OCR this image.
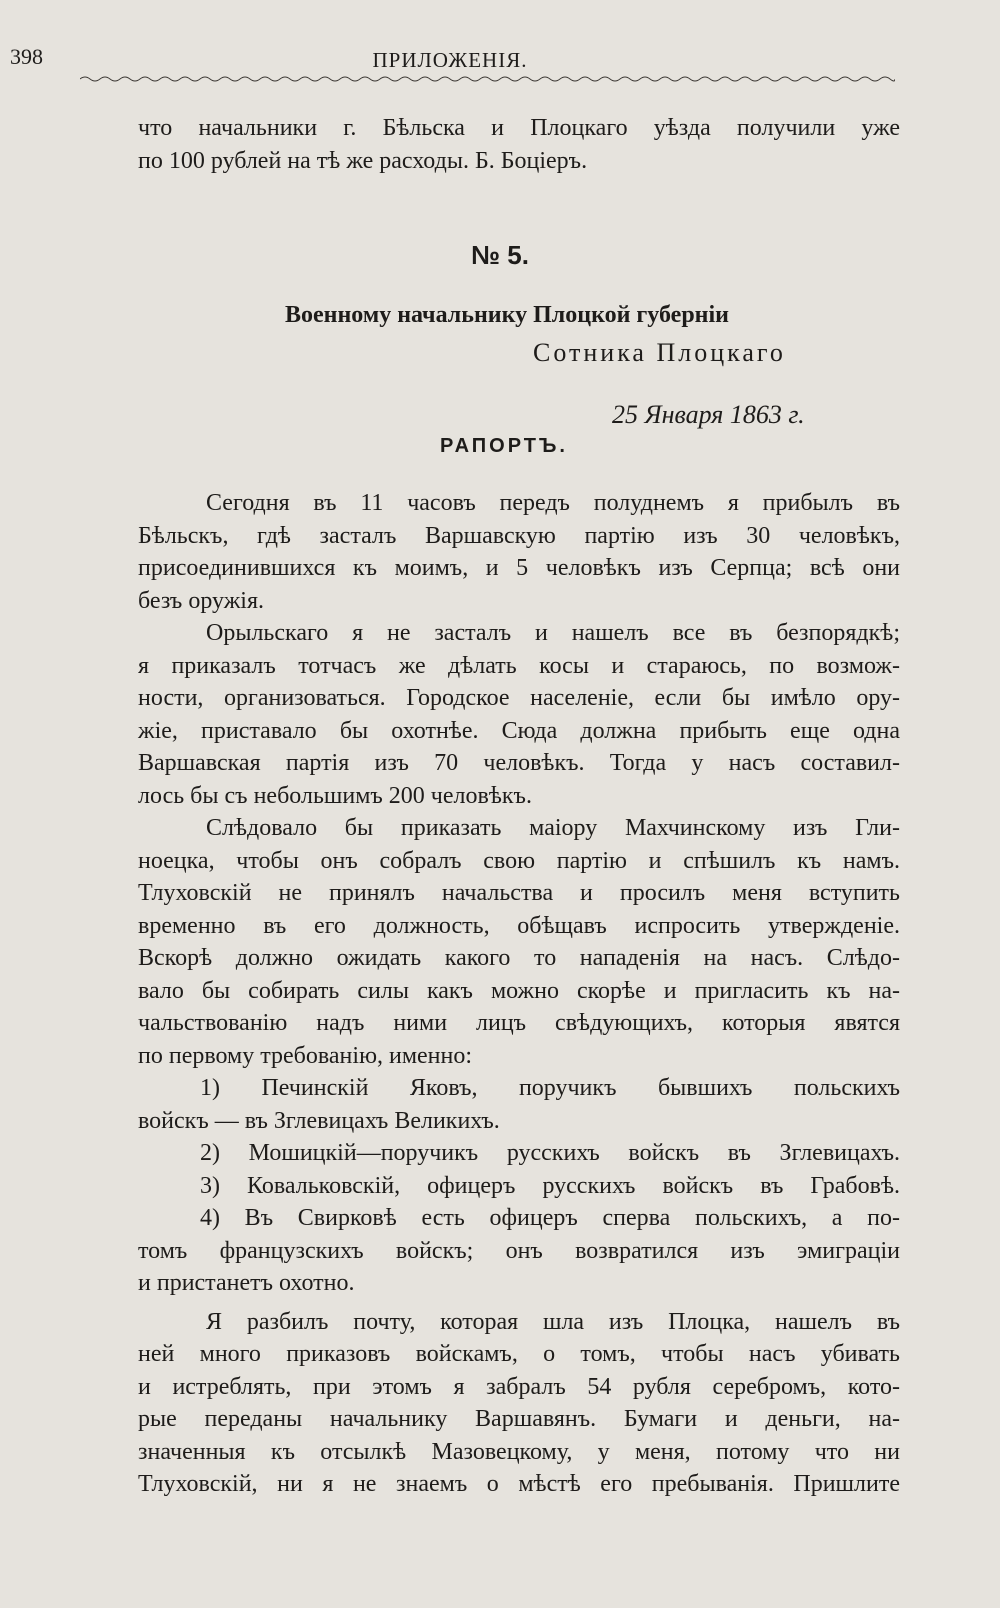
398	ПРИЛОЖЕНІЯ.
что начальники г. Бѣльска и Плоцкаго уѣзда получили уже
по 100 рублей на тѣ же расходы. Б. Боціеръ.
№ 5.
Военному начальнику Плоцкой губерніи
Сотника Плоцкаго
25 Января 1863 г.
РАПОРТЪ.
Сегодня въ 11 часовъ передъ полуднемъ я прибылъ въ
Бѣльскъ, гдѣ засталъ Варшавскую партію изъ 30 человѣкъ,
присоединившихся къ моимъ, и 5 человѣкъ изъ Серпца; всѣ они
безъ оружія.
Орыльскаго я не засталъ и нашелъ все въ безпорядкѣ;
я приказалъ тотчасъ же дѣлать косы и стараюсь, по возмож-
ности, организоваться. Городское населеніе, если бы имѣло ору-
жіе, приставало бы охотнѣе. Сюда должна прибыть еще одна
Варшавская партія изъ 70 человѣкъ. Тогда у насъ составил-
лось бы съ небольшимъ 200 человѣкъ.
Слѣдовало бы приказать маіору Махчинскому изъ Гли-
ноецка, чтобы онъ собралъ свою партію и спѣшилъ къ намъ.
Тлуховскій не принялъ начальства и просилъ меня вступить
временно въ его должность, обѣщавъ испросить утвержденіе.
Вскорѣ должно ожидать какого то нападенія на насъ. Слѣдо-
вало бы собирать силы какъ можно скорѣе и пригласить къ на-
чальствованію надъ ними лицъ свѣдующихъ, которыя явятся
по первому требованію, именно:
1) Печинскій Яковъ, поручикъ бывшихъ польскихъ
войскъ — въ Зглевицахъ Великихъ.
2) Мошицкій—поручикъ русскихъ войскъ въ Зглевицахъ.
3) Ковальковскій, офицеръ русскихъ войскъ въ Грабовѣ.
4) Въ Свирковѣ есть офицеръ сперва польскихъ, а по-
томъ французскихъ войскъ; онъ возвратился изъ эмиграціи
и пристанетъ охотно.
Я разбилъ почту, которая шла изъ Плоцка, нашелъ въ
ней много приказовъ войскамъ, о томъ, чтобы насъ убивать
и истреблять, при этомъ я забралъ 54 рубля серебромъ, кото-
рые переданы начальнику Варшавянъ. Бумаги и деньги, на-
значенныя къ отсылкѣ Мазовецкому, у меня, потому что ни
Тлуховскій, ни я не знаемъ о мѣстѣ его пребыванія. Пришлите
